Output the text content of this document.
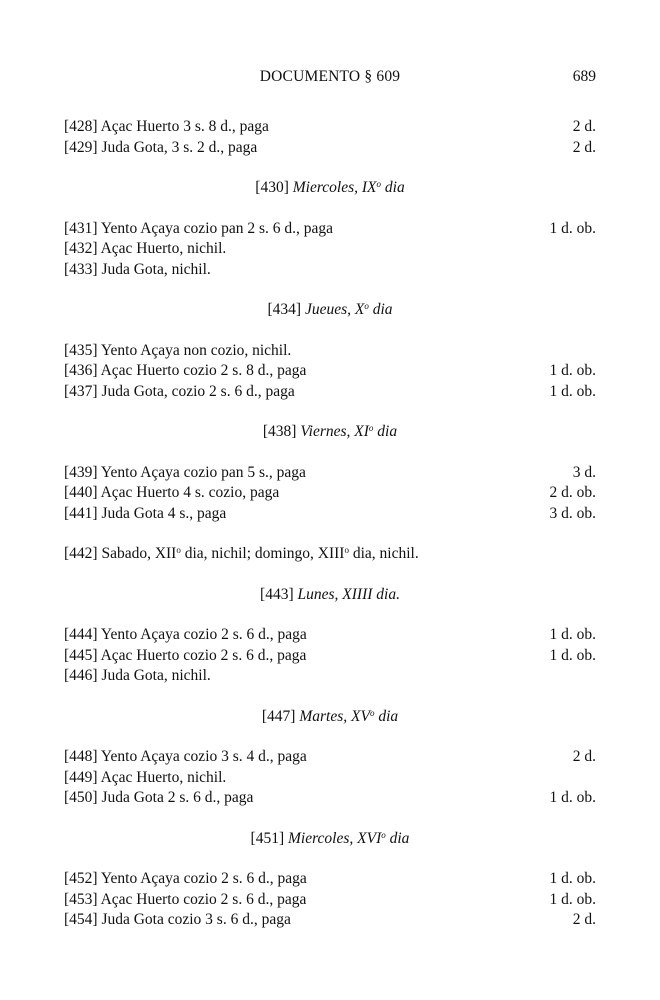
DOCUMENTO § 609	689
[428] Açac Huerto 3 s. 8 d., paga	2 d.
[429] Juda Gota, 3 s. 2 d., paga	2 d.
[430] Miercoles, $IX^o$ dia
[431] Yento Açaya cozio pan 2 s. 6 d., paga	1 d. ob.
[432] Açac Huerto, nichil.
[433] Juda Gota, nichil.
[434] Jueues, $X^o$ dia
[435] Yento Açaya non cozio, nichil.
[436] Açac Huerto cozio 2 s. 8 d., paga	1 d. ob.
[437] Juda Gota, cozio 2 s. 6 d., paga	1 d. ob.
[438] Viernes, $XI^o$ dia
[439] Yento Açaya cozio pan 5 s., paga	3 d.
[440] Açac Huerto 4 s. cozio, paga	2 d. ob.
[441] Juda Gota 4 s., paga	3 d. ob.
[442] Sabado, XII$^o$ dia, nichil; domingo, XIII$^o$ dia, nichil.
[443] Lunes, XIIII dia.
[444] Yento Açaya cozio 2 s. 6 d., paga	1 d. ob.
[445] Açac Huerto cozio 2 s. 6 d., paga	1 d. ob.
[446] Juda Gota, nichil.
[447] Martes, $XV^o$ dia
[448] Yento Açaya cozio 3 s. 4 d., paga	2 d.
[449] Açac Huerto, nichil.
[450] Juda Gota 2 s. 6 d., paga	1 d. ob.
[451] Miercoles, XVI$^o$ dia
[452] Yento Açaya cozio 2 s. 6 d., paga	1 d. ob.
[453] Açac Huerto cozio 2 s. 6 d., paga	1 d. ob.
[454] Juda Gota cozio 3 s. 6 d., paga	2 d.
